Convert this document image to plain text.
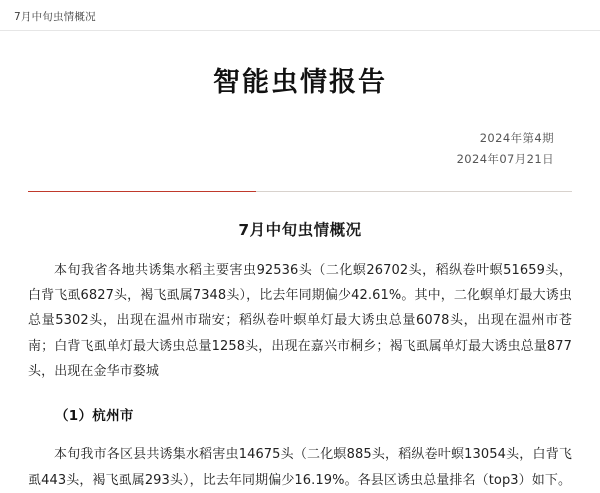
7月中旬虫情概况
智能虫情报告
2024年第4期
2024年07月21日
7月中旬虫情概况

本旬我省各地共诱集水稻主要害虫92536头（二化螟26702头，稻纵卷叶螟51659头，白背飞虱6827头，褐飞虱属7348头），比去年同期偏少42.61%。其中，二化螟单灯最大诱虫总量5302头，出现在温州市瑞安；稻纵卷叶螟单灯最大诱虫总量6078头，出现在温州市苍南；白背飞虱单灯最大诱虫总量1258头，出现在嘉兴市桐乡；褐飞虱属单灯最大诱虫总量877头，出现在金华市婺城

（1）杭州市

本旬我市各区县共诱集水稻害虫14675头（二化螟885头，稻纵卷叶螟13054头，白背飞虱443头，褐飞虱属293头），比去年同期偏少16.19%。各县区诱虫总量排名（top3）如下。
